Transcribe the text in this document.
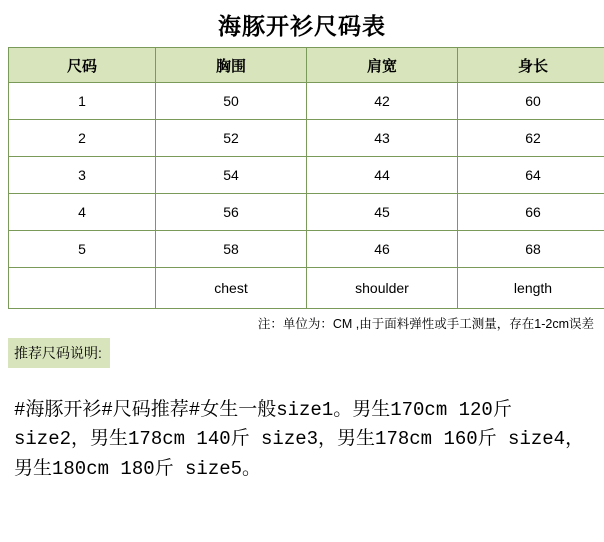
海豚开衫尺码表
尺码	胸围	肩宽	身长
1	50	42	60
2	52	43	62
3	54	44	64
4	56	45	66
5	58	46	68
	chest	shoulder	length
注：单位为：CM ,由于面料弹性或手工测量，存在1-2cm误差
推荐尺码说明:
#海豚开衫#尺码推荐#女生一般size1。男生170cm 120斤 size2，男生178cm 140斤 size3，男生178cm 160斤 size4，男生180cm 180斤 size5。
